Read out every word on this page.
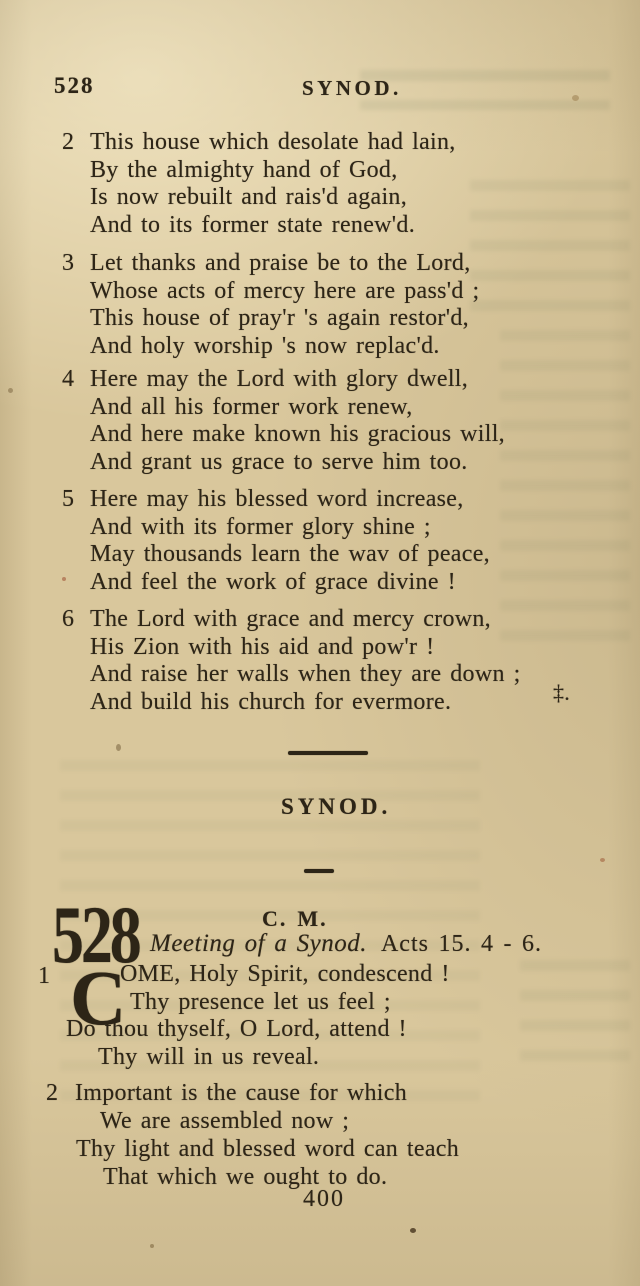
528	SYNOD.
2 This house which desolate had lain,
By the almighty hand of God,
Is now rebuilt and rais'd again,
And to its former state renew'd.
3 Let thanks and praise be to the Lord,
Whose acts of mercy here are pass'd ;
This house of pray'r 's again restor'd,
And holy worship 's now replac'd.
4 Here may the Lord with glory dwell,
And all his former work renew,
And here make known his gracious will,
And grant us grace to serve him too.
5 Here may his blessed word increase,
And with its former glory shine ;
May thousands learn the wav of peace,
And feel the work of grace divine !
6 The Lord with grace and mercy crown,
His Zion with his aid and pow'r !
And raise her walls when they are down ;
And build his church for evermore.	‡.
SYNOD.
528	C. M.
Meeting of a Synod. Acts 15. 4 - 6.
1 C
OME, Holy Spirit, condescend !
Thy presence let us feel ;
Do thou thyself, O Lord, attend !
Thy will in us reveal.
2 Important is the cause for which
We are assembled now ;
Thy light and blessed word can teach
That which we ought to do.
400
